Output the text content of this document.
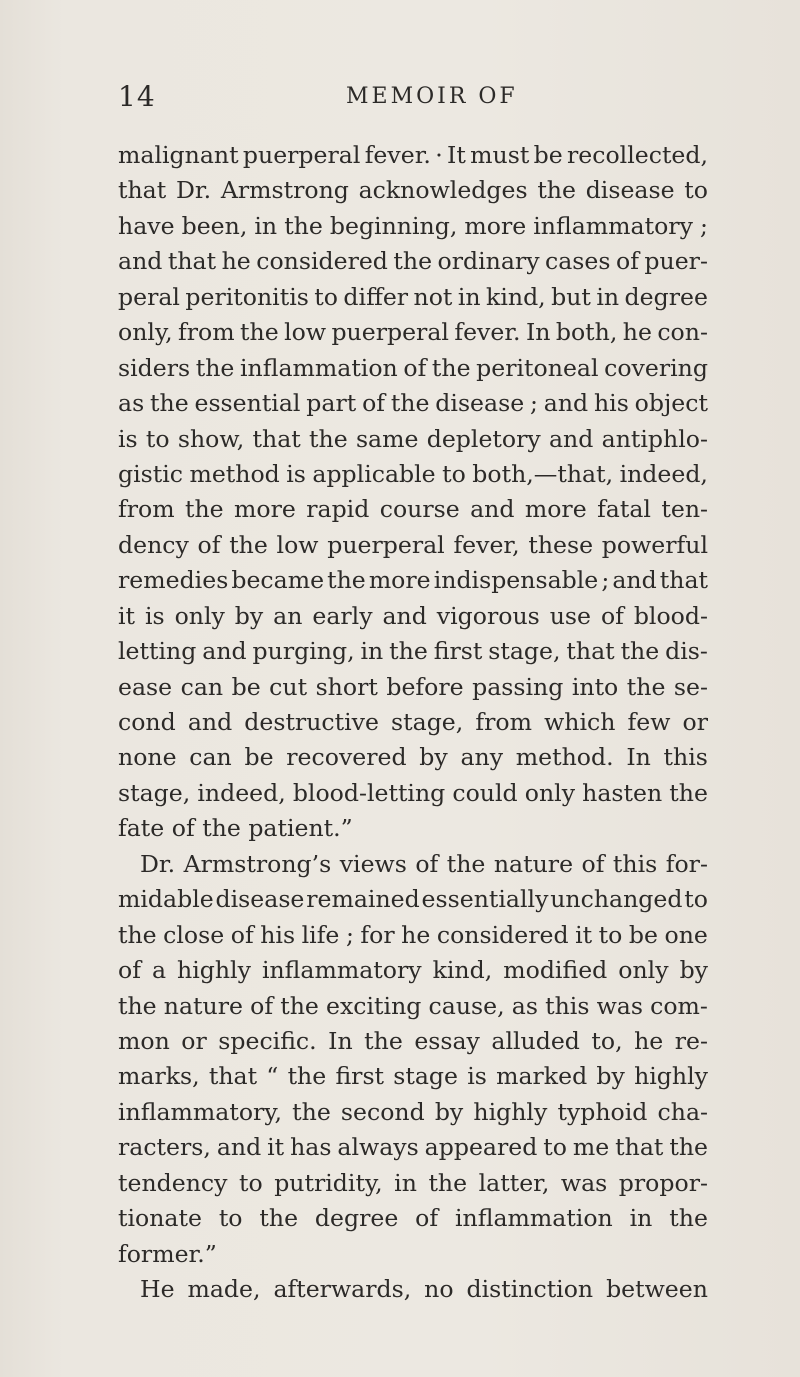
14	MEMOIR OF
malignant puerperal fever. · It must be recollected,
that Dr. Armstrong acknowledges the disease to
have been, in the beginning, more inflammatory ;
and that he considered the ordinary cases of puer-
peral peritonitis to differ not in kind, but in degree
only, from the low puerperal fever. In both, he con-
siders the inflammation of the peritoneal covering
as the essential part of the disease ; and his object
is to show, that the same depletory and antiphlo-
gistic method is applicable to both,—that, indeed,
from the more rapid course and more fatal ten-
dency of the low puerperal fever, these powerful
remedies became the more indispensable ; and that
it is only by an early and vigorous use of blood-
letting and purging, in the first stage, that the dis-
ease can be cut short before passing into the se-
cond and destructive stage, from which few or
none can be recovered by any method. In this
stage, indeed, blood-letting could only hasten the
fate of the patient.”
Dr. Armstrong’s views of the nature of this for-
midable disease remained essentially unchanged to
the close of his life ; for he considered it to be one
of a highly inflammatory kind, modified only by
the nature of the exciting cause, as this was com-
mon or specific. In the essay alluded to, he re-
marks, that “ the first stage is marked by highly
inflammatory, the second by highly typhoid cha-
racters, and it has always appeared to me that the
tendency to putridity, in the latter, was propor-
tionate to the degree of inflammation in the
former.”
He made, afterwards, no distinction between
